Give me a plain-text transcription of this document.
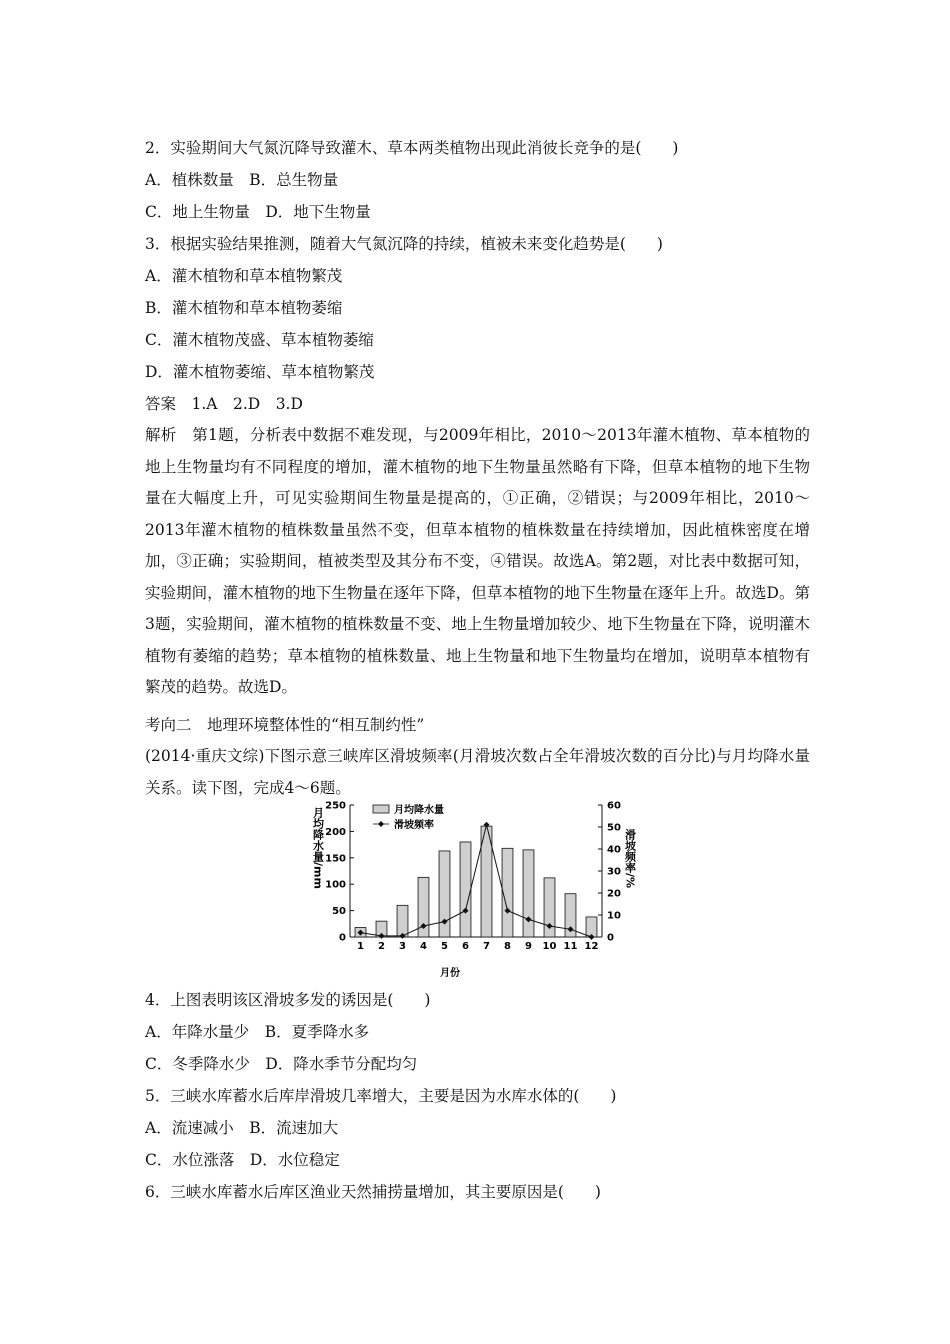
2．实验期间大气氮沉降导致灌木、草本两类植物出现此消彼长竞争的是(　　)
A．植株数量　B．总生物量
C．地上生物量　D．地下生物量
3．根据实验结果推测，随着大气氮沉降的持续，植被未来变化趋势是(　　)
A．灌木植物和草本植物繁茂
B．灌木植物和草本植物萎缩
C．灌木植物茂盛、草本植物萎缩
D．灌木植物萎缩、草本植物繁茂
答案　1.A　2.D　3.D
解析　第1题，分析表中数据不难发现，与2009年相比，2010～2013年灌木植物、草本植物的地上生物量均有不同程度的增加，灌木植物的地下生物量虽然略有下降，但草本植物的地下生物量在大幅度上升，可见实验期间生物量是提高的，①正确，②错误；与2009年相比，2010～2013年灌木植物的植株数量虽然不变，但草本植物的植株数量在持续增加，因此植株密度在增加，③正确；实验期间，植被类型及其分布不变，④错误。故选A。第2题，对比表中数据可知，实验期间，灌木植物的地下生物量在逐年下降，但草本植物的地下生物量在逐年上升。故选D。第3题，实验期间，灌木植物的植株数量不变、地上生物量增加较少、地下生物量在下降，说明灌木植物有萎缩的趋势；草本植物的植株数量、地上生物量和地下生物量均在增加，说明草本植物有繁茂的趋势。故选D。
考向二　地理环境整体性的“相互制约性”
(2014·重庆文综)下图示意三峡库区滑坡频率(月滑坡次数占全年滑坡次数的百分比)与月均降水量关系。读下图，完成4～6题。
0
50
100
150
200
250
0
10
20
30
40
50
60
1 2 3 4 5 6 7 8 9 10 11 12
月均降水量/mm	滑坡频率/%
月均降水量
滑坡频率
月份
4．上图表明该区滑坡多发的诱因是(　　)
A．年降水量少　B．夏季降水多
C．冬季降水少　D．降水季节分配均匀
5．三峡水库蓄水后库岸滑坡几率增大，主要是因为水库水体的(　　)
A．流速减小　B．流速加大
C．水位涨落　D．水位稳定
6．三峡水库蓄水后库区渔业天然捕捞量增加，其主要原因是(　　)
